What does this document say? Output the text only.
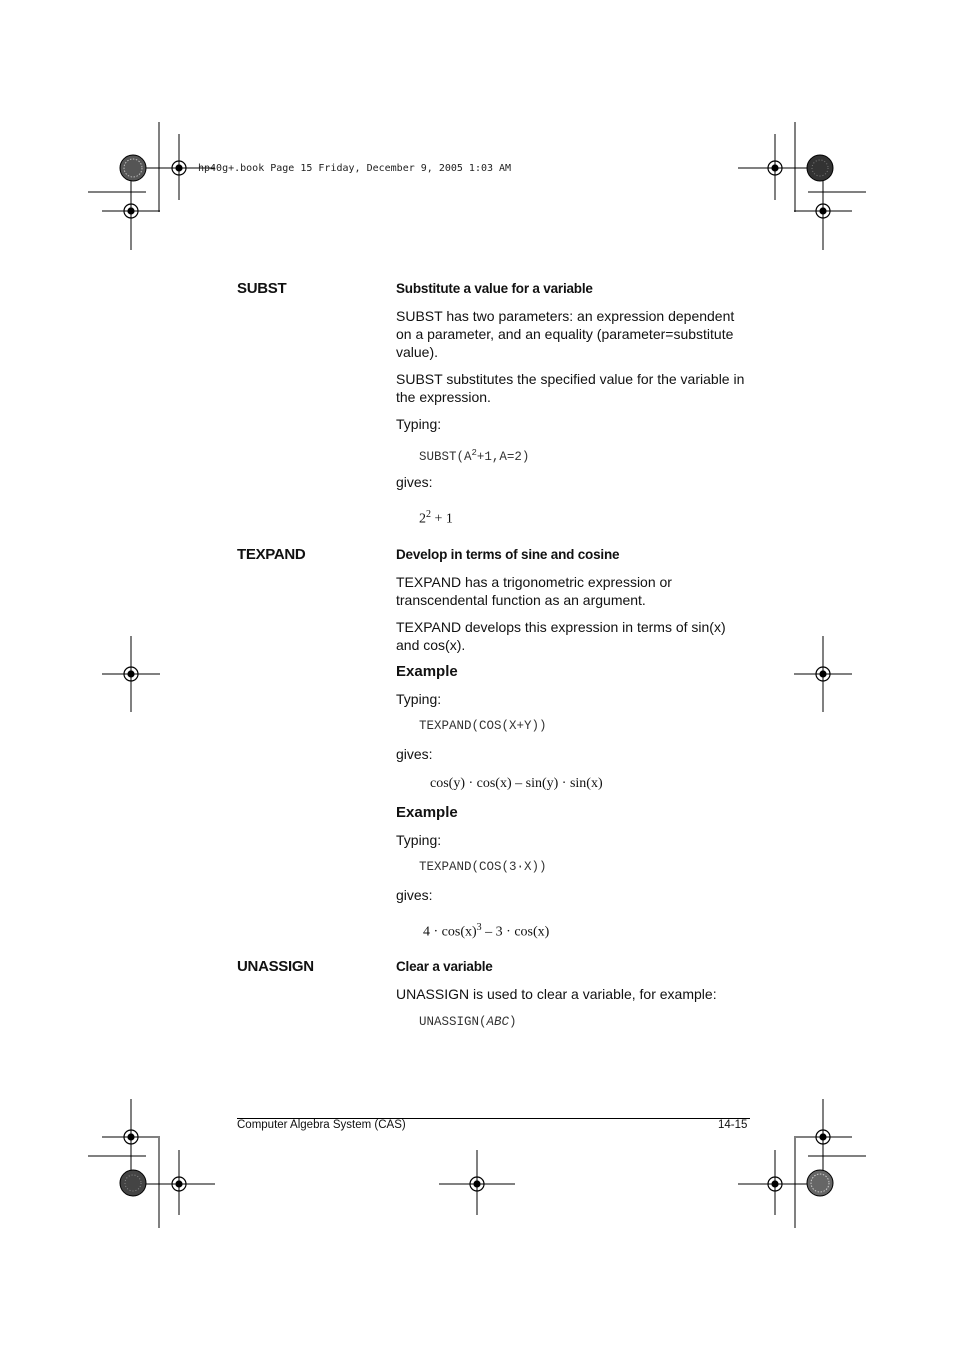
hp40g+.book Page 15 Friday, December 9, 2005 1:03 AM
SUBST	Substitute a value for a variable
SUBST has two parameters: an expression dependent on a parameter, and an equality (parameter=substitute value).
SUBST substitutes the specified value for the variable in the expression.
Typing:
$SUBST(A^2+1,A=2)$
gives:
$2^2 + 1$
TEXPAND	Develop in terms of sine and cosine
TEXPAND has a trigonometric expression or transcendental function as an argument.
TEXPAND develops this expression in terms of sin(x) and cos(x).
Example
Typing:
TEXPAND(COS(X+Y))
gives:
cos(y) · cos(x) – sin(y) · sin(x)
Example
Typing:
TEXPAND(COS(3·X))
gives:
$4 \cdot \cos(x)^3 - 3 \cdot \cos(x)$
UNASSIGN	Clear a variable
UNASSIGN is used to clear a variable, for example:
UNASSIGN(ABC)
Computer Algebra System (CAS)	14-15
